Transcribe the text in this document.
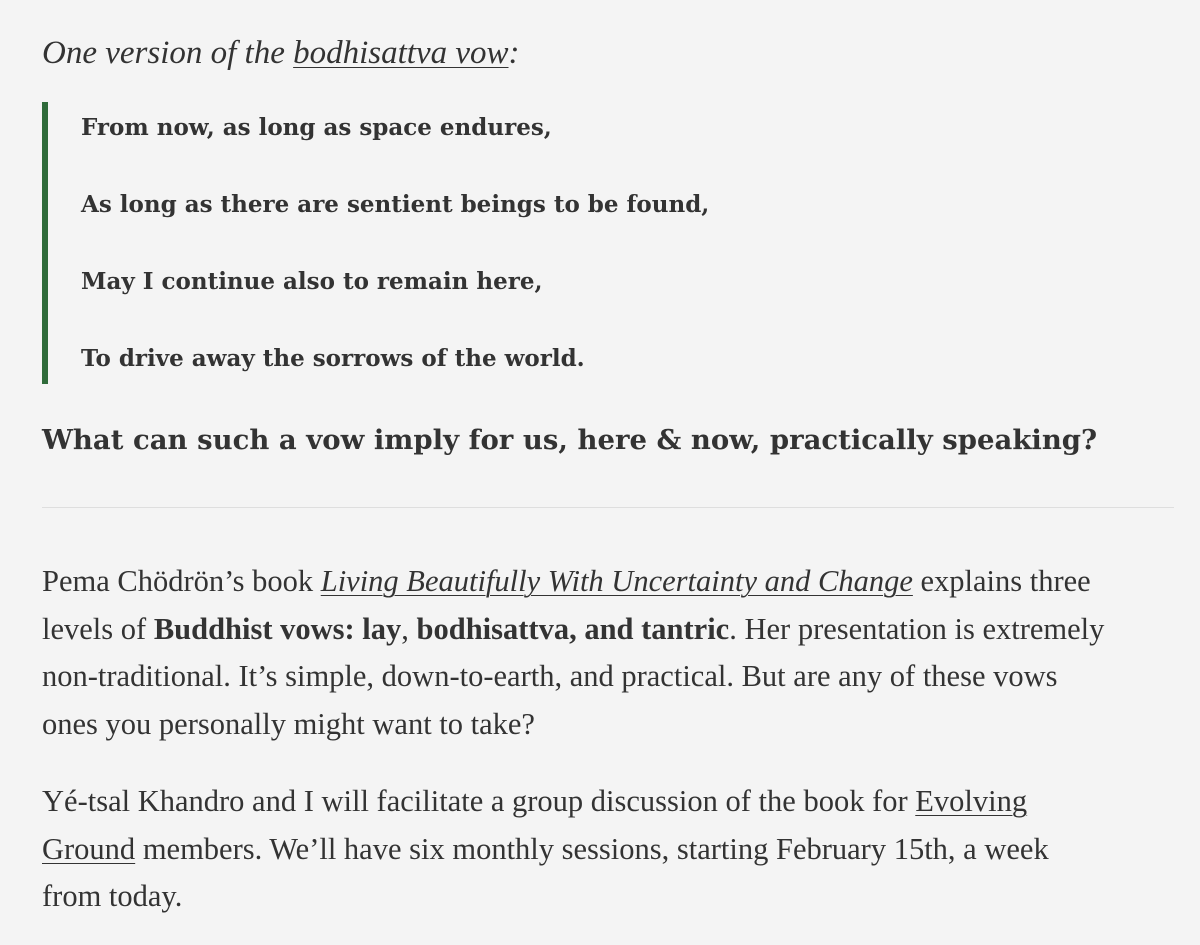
One version of the bodhisattva vow:

From now, as long as space endures,

As long as there are sentient beings to be found,

May I continue also to remain here,

To drive away the sorrows of the world.

What can such a vow imply for us, here & now, practically speaking?

Pema Chödrön’s book Living Beautifully With Uncertainty and Change explains three
levels of Buddhist vows: lay, bodhisattva, and tantric. Her presentation is extremely
non-traditional. It’s simple, down-to-earth, and practical. But are any of these vows
ones you personally might want to take?

Yé-tsal Khandro and I will facilitate a group discussion of the book for Evolving
Ground members. We’ll have six monthly sessions, starting February 15th, a week
from today.
